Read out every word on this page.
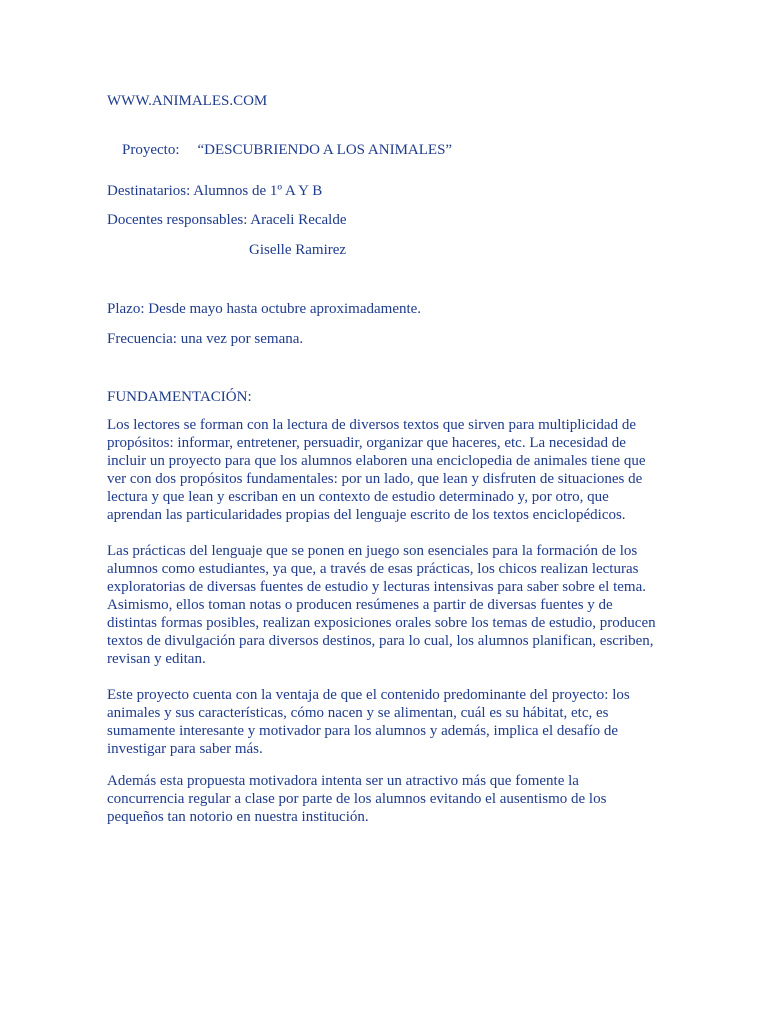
WWW.ANIMALES.COM

Proyecto: “DESCUBRIENDO A LOS ANIMALES”

Destinatarios: Alumnos de 1º A Y B
Docentes responsables: Araceli Recalde
Giselle Ramirez
Plazo: Desde mayo hasta octubre aproximadamente.
Frecuencia: una vez por semana.
FUNDAMENTACIÓN:
Los lectores se forman con la lectura de diversos textos que sirven para multiplicidad de
propósitos: informar, entretener, persuadir, organizar que haceres, etc. La necesidad de
incluir un proyecto para que los alumnos elaboren una enciclopedia de animales tiene que
ver con dos propósitos fundamentales: por un lado, que lean y disfruten de situaciones de
lectura y que lean y escriban en un contexto de estudio determinado y, por otro, que
aprendan las particularidades propias del lenguaje escrito de los textos enciclopédicos.
Las prácticas del lenguaje que se ponen en juego son esenciales para la formación de los
alumnos como estudiantes, ya que, a través de esas prácticas, los chicos realizan lecturas
exploratorias de diversas fuentes de estudio y lecturas intensivas para saber sobre el tema.
Asimismo, ellos toman notas o producen resúmenes a partir de diversas fuentes y de
distintas formas posibles, realizan exposiciones orales sobre los temas de estudio, producen
textos de divulgación para diversos destinos, para lo cual, los alumnos planifican, escriben,
revisan y editan.
Este proyecto cuenta con la ventaja de que el contenido predominante del proyecto: los
animales y sus características, cómo nacen y se alimentan, cuál es su hábitat, etc, es
sumamente interesante y motivador para los alumnos y además, implica el desafío de
investigar para saber más.
Además esta propuesta motivadora intenta ser un atractivo más que fomente la
concurrencia regular a clase por parte de los alumnos evitando el ausentismo de los
pequeños tan notorio en nuestra institución.
